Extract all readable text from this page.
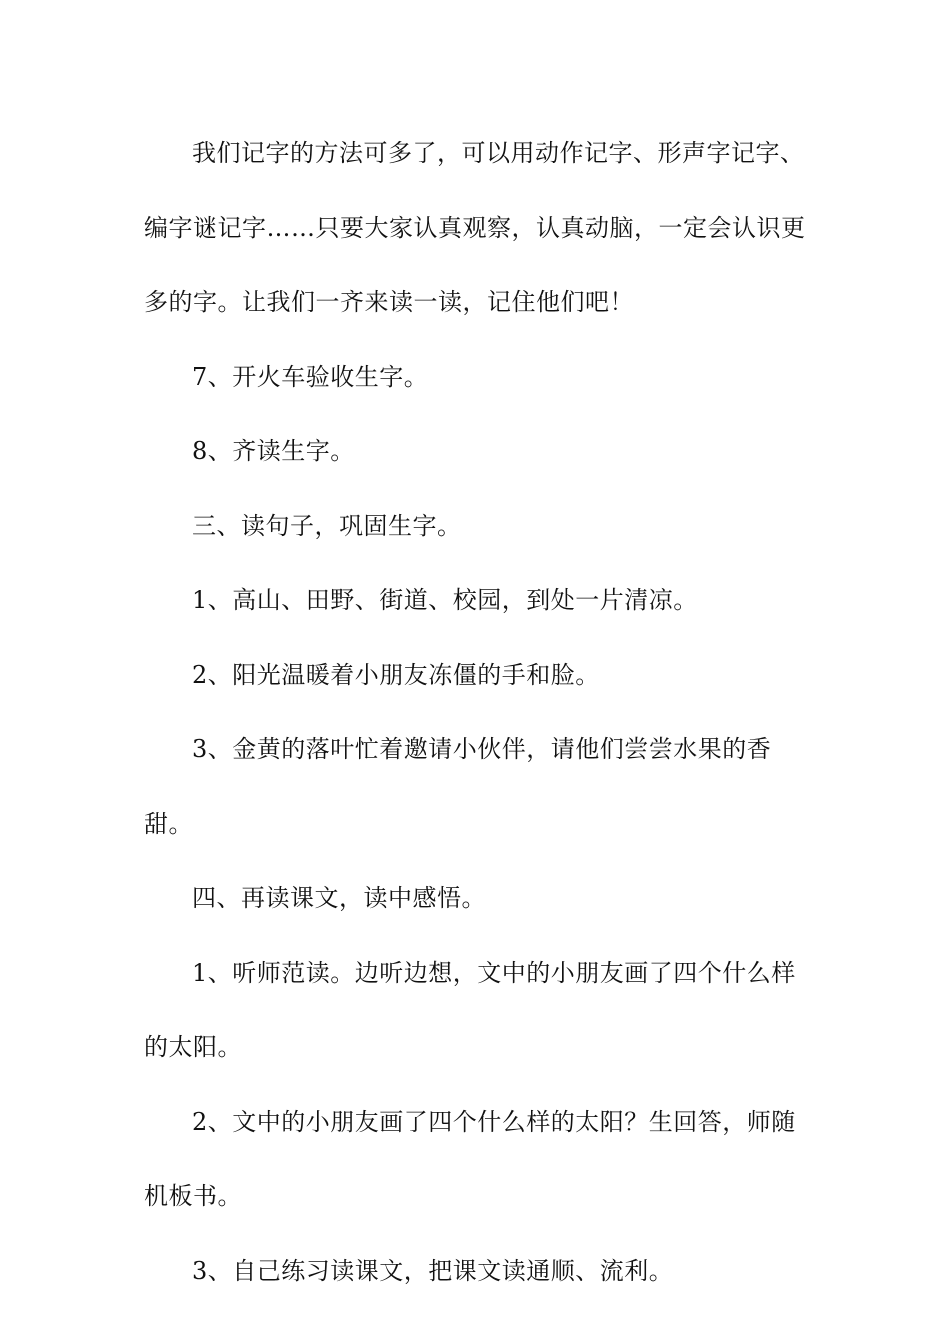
我们记字的方法可多了，可以用动作记字、形声字记字、编字谜记字……只要大家认真观察，认真动脑，一定会认识更多的字。让我们一齐来读一读，记住他们吧！

7、开火车验收生字。

8、齐读生字。

三、读句子，巩固生字。

1、高山、田野、街道、校园，到处一片清凉。

2、阳光温暖着小朋友冻僵的手和脸。

3、金黄的落叶忙着邀请小伙伴，请他们尝尝水果的香甜。

四、再读课文，读中感悟。

1、听师范读。边听边想，文中的小朋友画了四个什么样的太阳。

2、文中的小朋友画了四个什么样的太阳？生回答，师随机板书。

3、自己练习读课文，把课文读通顺、流利。
